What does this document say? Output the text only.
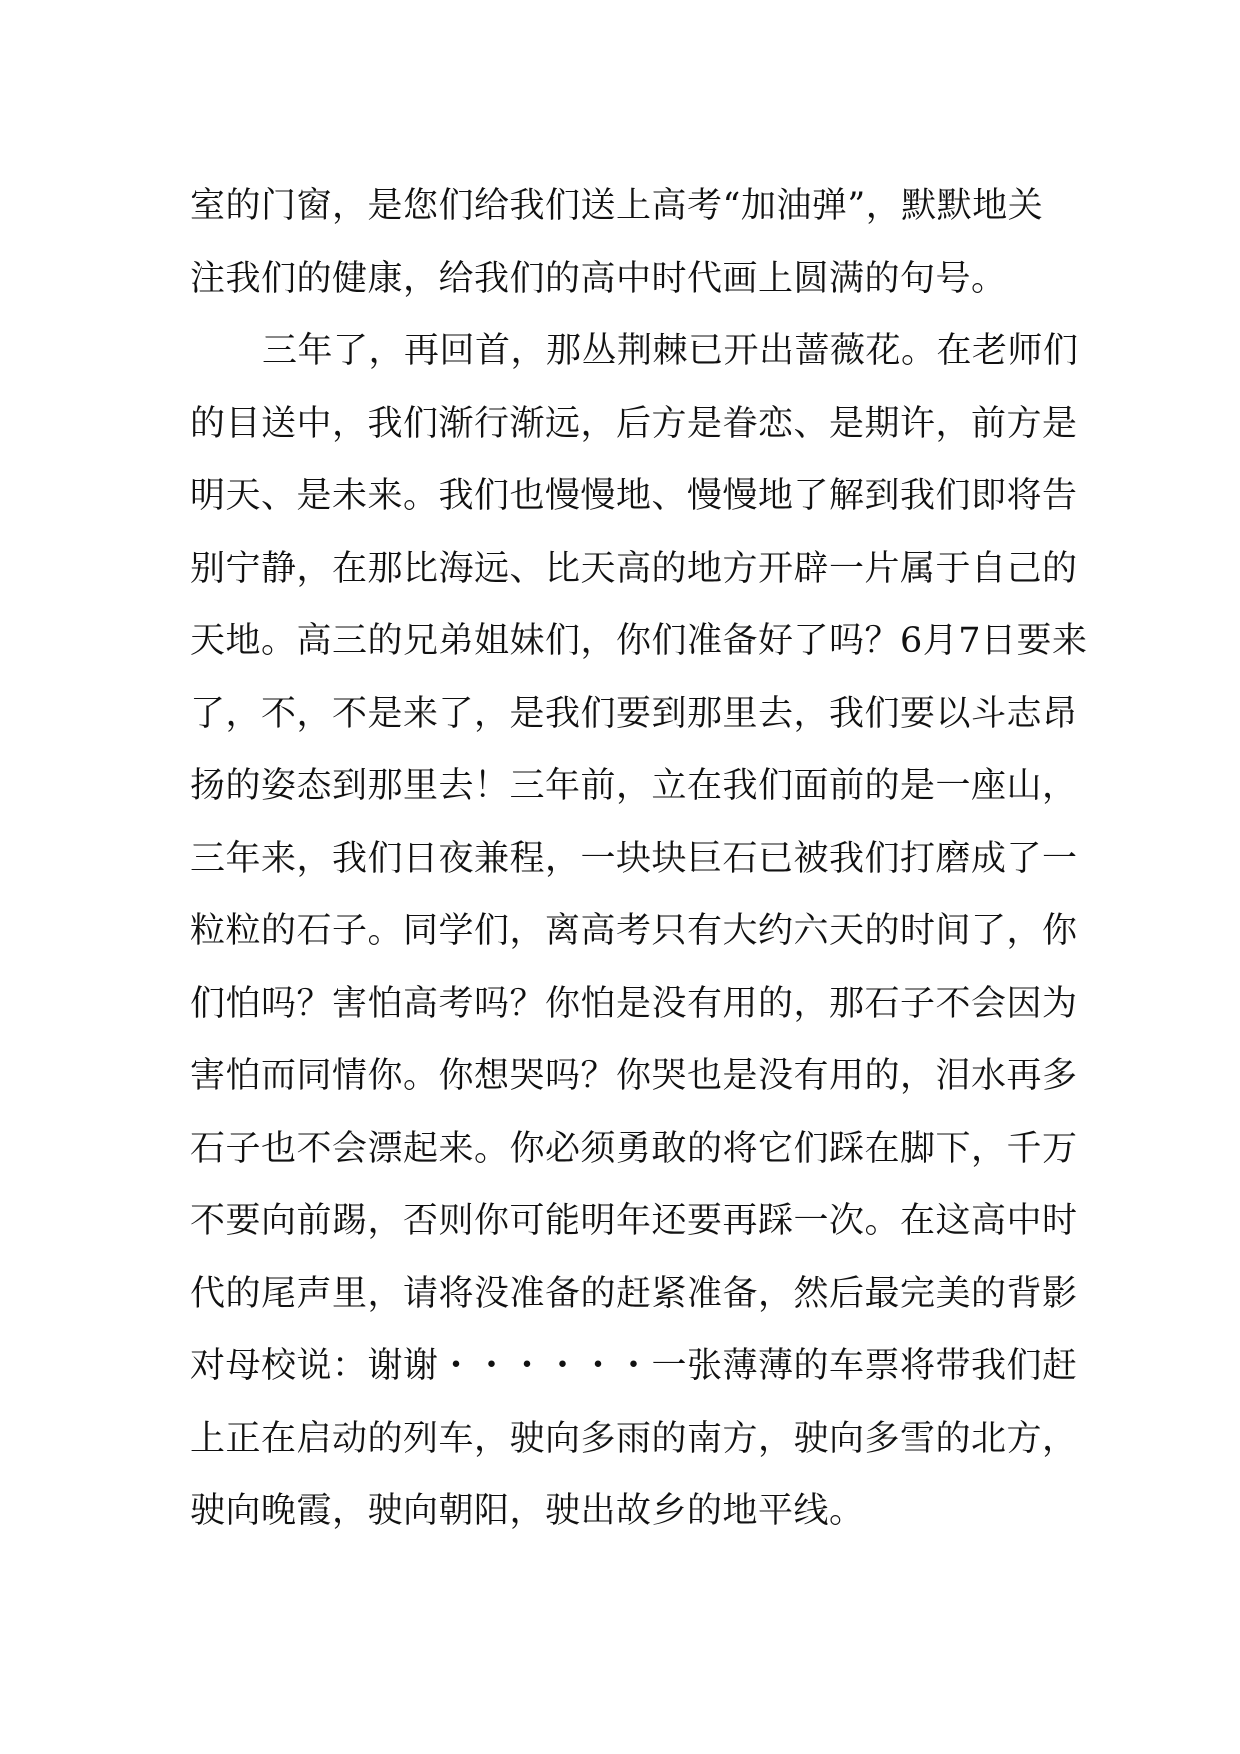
室的门窗，是您们给我们送上高考“加油弹”，默默地关
注我们的健康，给我们的高中时代画上圆满的句号。
三年了，再回首，那丛荆棘已开出蔷薇花。在老师们
的目送中，我们渐行渐远，后方是眷恋、是期许，前方是
明天、是未来。我们也慢慢地、慢慢地了解到我们即将告
别宁静，在那比海远、比天高的地方开辟一片属于自己的
天地。高三的兄弟姐妹们，你们准备好了吗？6月7日要来
了，不，不是来了，是我们要到那里去，我们要以斗志昂
扬的姿态到那里去！三年前，立在我们面前的是一座山，
三年来，我们日夜兼程，一块块巨石已被我们打磨成了一
粒粒的石子。同学们，离高考只有大约六天的时间了，你
们怕吗？害怕高考吗？你怕是没有用的，那石子不会因为
害怕而同情你。你想哭吗？你哭也是没有用的，泪水再多
石子也不会漂起来。你必须勇敢的将它们踩在脚下，千万
不要向前踢，否则你可能明年还要再踩一次。在这高中时
代的尾声里，请将没准备的赶紧准备，然后最完美的背影
对母校说：谢谢・・・・・・一张薄薄的车票将带我们赶
上正在启动的列车，驶向多雨的南方，驶向多雪的北方，
驶向晚霞，驶向朝阳，驶出故乡的地平线。
